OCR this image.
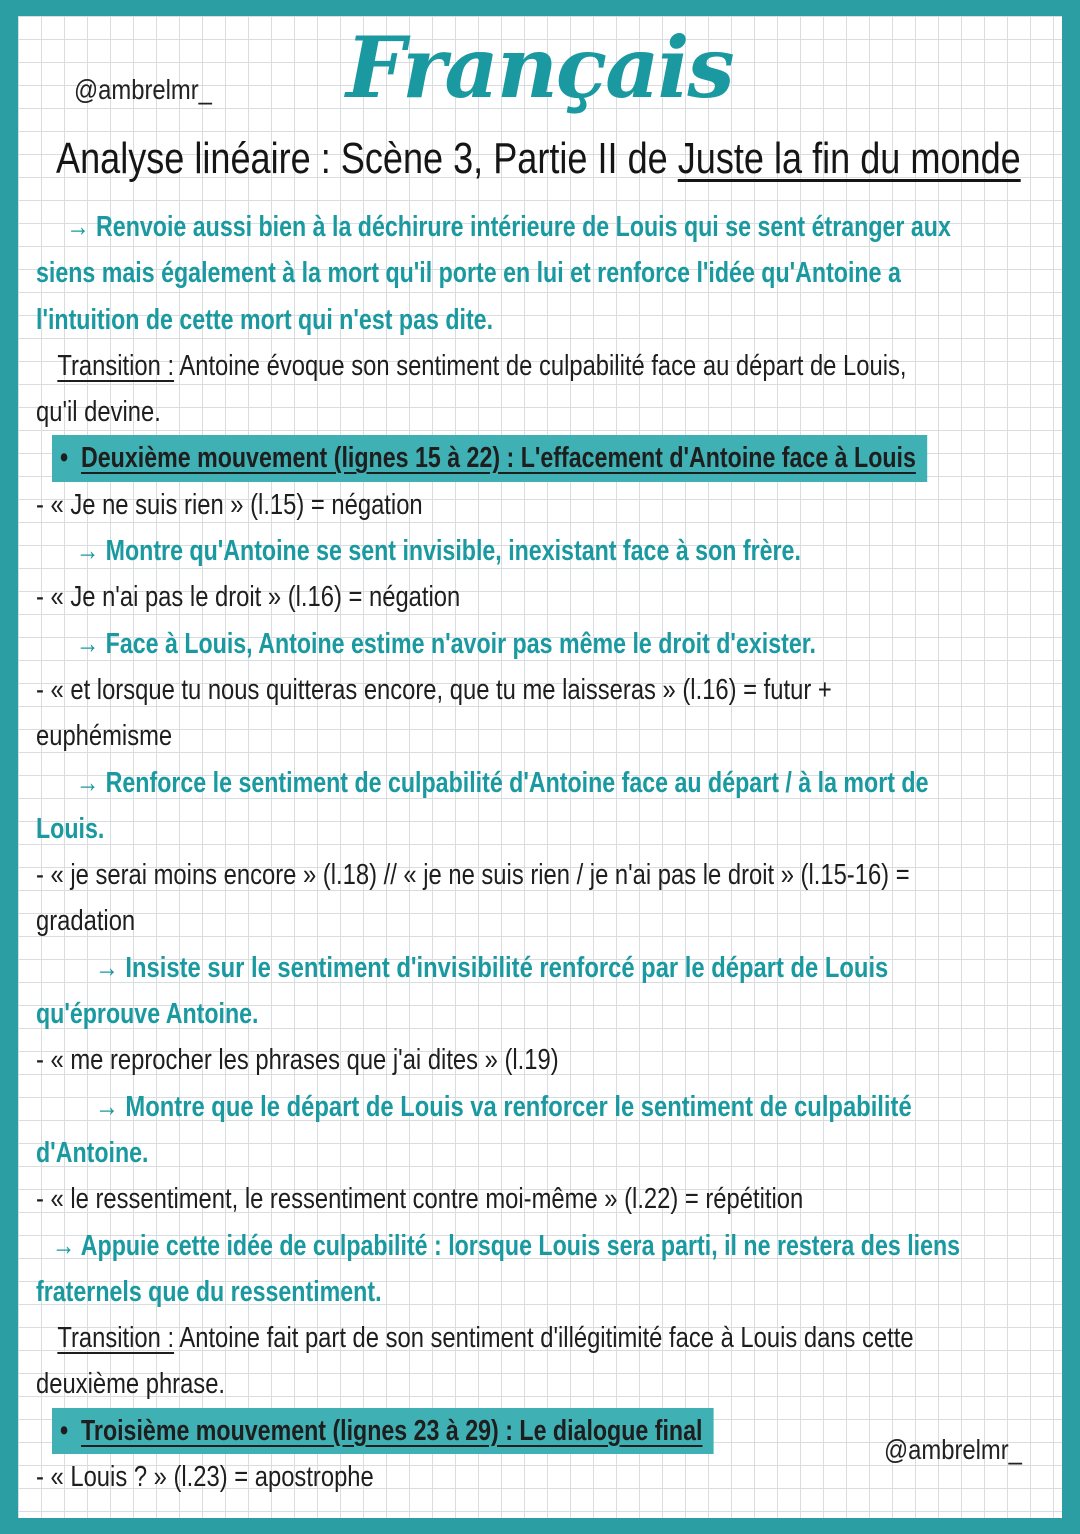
@ambrelmr_ Français
Analyse linéaire : Scène 3, Partie II de Juste la fin du monde
→ Renvoie aussi bien à la déchirure intérieure de Louis qui se sent étranger aux
siens mais également à la mort qu'il porte en lui et renforce l'idée qu'Antoine a
l'intuition de cette mort qui n'est pas dite.
Transition : Antoine évoque son sentiment de culpabilité face au départ de Louis,
qu'il devine.
• Deuxième mouvement (lignes 15 à 22) : L'effacement d'Antoine face à Louis
- « Je ne suis rien » (l.15) = négation
→ Montre qu'Antoine se sent invisible, inexistant face à son frère.
- « Je n'ai pas le droit » (l.16) = négation
→ Face à Louis, Antoine estime n'avoir pas même le droit d'exister.
- « et lorsque tu nous quitteras encore, que tu me laisseras » (l.16) = futur +
euphémisme
→ Renforce le sentiment de culpabilité d'Antoine face au départ / à la mort de
Louis.
- « je serai moins encore » (l.18) // « je ne suis rien / je n'ai pas le droit » (l.15-16) =
gradation
→ Insiste sur le sentiment d'invisibilité renforcé par le départ de Louis
qu'éprouve Antoine.
- « me reprocher les phrases que j'ai dites » (l.19)
→ Montre que le départ de Louis va renforcer le sentiment de culpabilité
d'Antoine.
- « le ressentiment, le ressentiment contre moi-même » (l.22) = répétition
→ Appuie cette idée de culpabilité : lorsque Louis sera parti, il ne restera des liens
fraternels que du ressentiment.
Transition : Antoine fait part de son sentiment d'illégitimité face à Louis dans cette
deuxième phrase.
• Troisième mouvement (lignes 23 à 29) : Le dialogue final
- « Louis ? » (l.23) = apostrophe
@ambrelmr_
